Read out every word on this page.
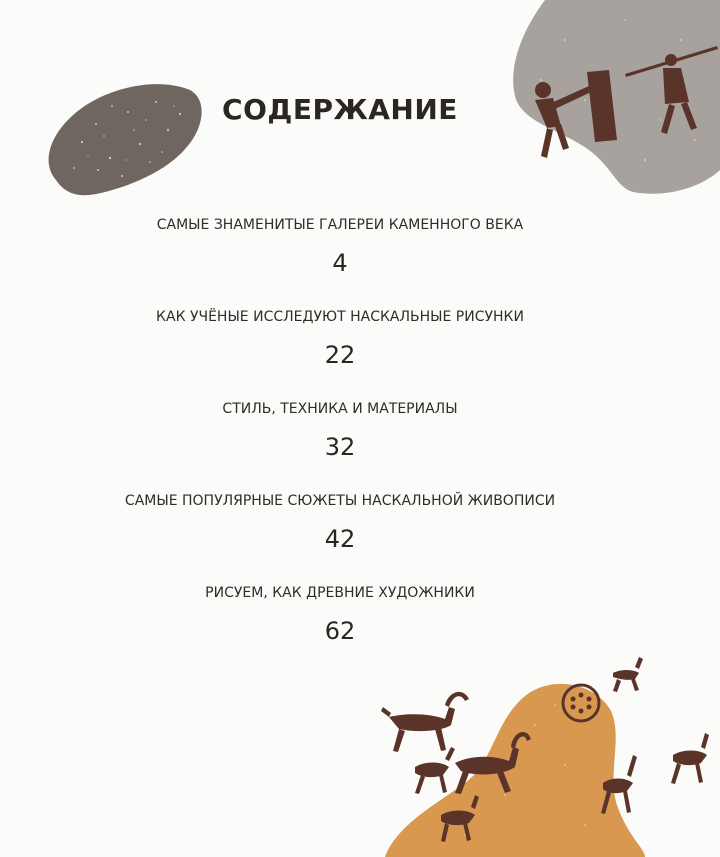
СОДЕРЖАНИЕ
САМЫЕ ЗНАМЕНИТЫЕ ГАЛЕРЕИ КАМЕННОГО ВЕКА
4
КАК УЧЁНЫЕ ИССЛЕДУЮТ НАСКАЛЬНЫЕ РИСУНКИ
22
СТИЛЬ, ТЕХНИКА И МАТЕРИАЛЫ
32
САМЫЕ ПОПУЛЯРНЫЕ СЮЖЕТЫ НАСКАЛЬНОЙ ЖИВОПИСИ
42
РИСУЕМ, КАК ДРЕВНИЕ ХУДОЖНИКИ
62
